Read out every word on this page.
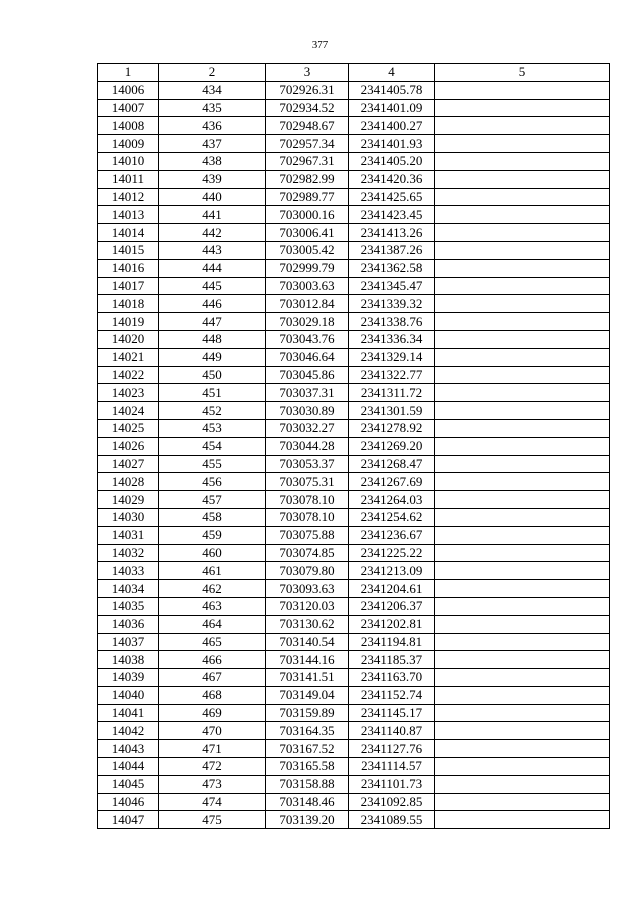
377
1	2	3	4	5
14006	434	702926.31	2341405.78	
14007	435	702934.52	2341401.09	
14008	436	702948.67	2341400.27	
14009	437	702957.34	2341401.93	
14010	438	702967.31	2341405.20	
14011	439	702982.99	2341420.36	
14012	440	702989.77	2341425.65	
14013	441	703000.16	2341423.45	
14014	442	703006.41	2341413.26	
14015	443	703005.42	2341387.26	
14016	444	702999.79	2341362.58	
14017	445	703003.63	2341345.47	
14018	446	703012.84	2341339.32	
14019	447	703029.18	2341338.76	
14020	448	703043.76	2341336.34	
14021	449	703046.64	2341329.14	
14022	450	703045.86	2341322.77	
14023	451	703037.31	2341311.72	
14024	452	703030.89	2341301.59	
14025	453	703032.27	2341278.92	
14026	454	703044.28	2341269.20	
14027	455	703053.37	2341268.47	
14028	456	703075.31	2341267.69	
14029	457	703078.10	2341264.03	
14030	458	703078.10	2341254.62	
14031	459	703075.88	2341236.67	
14032	460	703074.85	2341225.22	
14033	461	703079.80	2341213.09	
14034	462	703093.63	2341204.61	
14035	463	703120.03	2341206.37	
14036	464	703130.62	2341202.81	
14037	465	703140.54	2341194.81	
14038	466	703144.16	2341185.37	
14039	467	703141.51	2341163.70	
14040	468	703149.04	2341152.74	
14041	469	703159.89	2341145.17	
14042	470	703164.35	2341140.87	
14043	471	703167.52	2341127.76	
14044	472	703165.58	2341114.57	
14045	473	703158.88	2341101.73	
14046	474	703148.46	2341092.85	
14047	475	703139.20	2341089.55	
